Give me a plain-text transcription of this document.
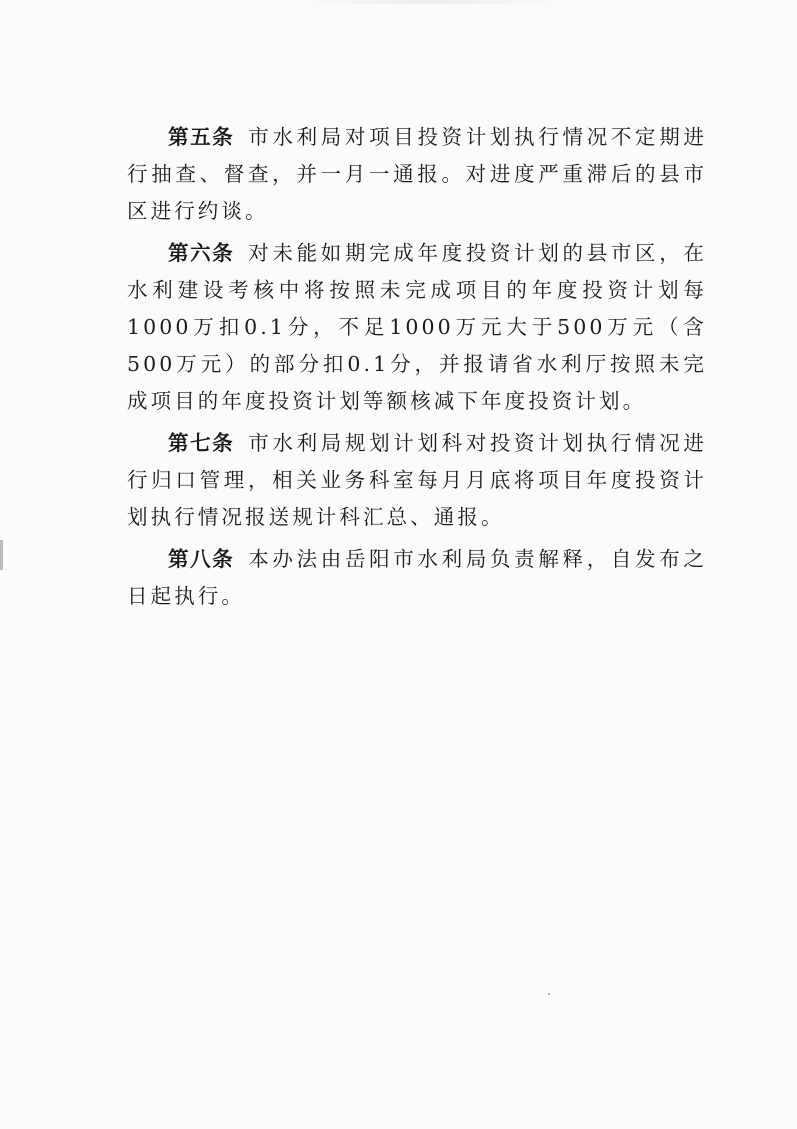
第五条 市水利局对项目投资计划执行情况不定期进行抽查、督查，并一月一通报。对进度严重滞后的县市区进行约谈。

第六条 对未能如期完成年度投资计划的县市区，在水利建设考核中将按照未完成项目的年度投资计划每1000万扣0.1分，不足1000万元大于500万元（含500万元）的部分扣0.1分，并报请省水利厅按照未完成项目的年度投资计划等额核减下年度投资计划。

第七条 市水利局规划计划科对投资计划执行情况进行归口管理，相关业务科室每月月底将项目年度投资计划执行情况报送规计科汇总、通报。

第八条 本办法由岳阳市水利局负责解释，自发布之日起执行。
